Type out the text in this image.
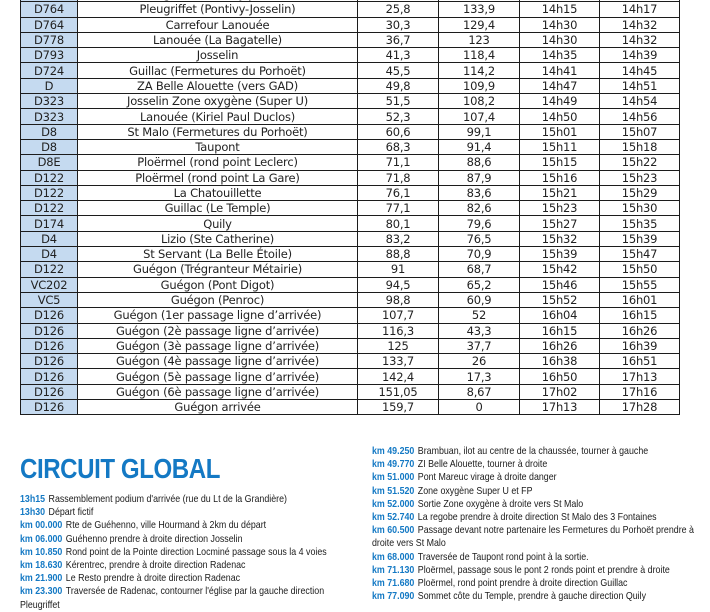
D764	Pleugriffet (Pontivy-Josselin)	25,8	133,9	14h15	14h17
D764	Carrefour Lanouée	30,3	129,4	14h30	14h32
D778	Lanouée (La Bagatelle)	36,7	123	14h30	14h32
D793	Josselin	41,3	118,4	14h35	14h39
D724	Guillac (Fermetures du Porhoët)	45,5	114,2	14h41	14h45
D	ZA Belle Alouette (vers GAD)	49,8	109,9	14h47	14h51
D323	Josselin Zone oxygène (Super U)	51,5	108,2	14h49	14h54
D323	Lanouée (Kiriel Paul Duclos)	52,3	107,4	14h50	14h56
D8	St Malo (Fermetures du Porhoët)	60,6	99,1	15h01	15h07
D8	Taupont	68,3	91,4	15h11	15h18
D8E	Ploërmel (rond point Leclerc)	71,1	88,6	15h15	15h22
D122	Ploërmel (rond point La Gare)	71,8	87,9	15h16	15h23
D122	La Chatouillette	76,1	83,6	15h21	15h29
D122	Guillac (Le Temple)	77,1	82,6	15h23	15h30
D174	Quily	80,1	79,6	15h27	15h35
D4	Lizio (Ste Catherine)	83,2	76,5	15h32	15h39
D4	St Servant (La Belle Étoile)	88,8	70,9	15h39	15h47
D122	Guégon (Trégranteur Métairie)	91	68,7	15h42	15h50
VC202	Guégon (Pont Digot)	94,5	65,2	15h46	15h55
VC5	Guégon (Penroc)	98,8	60,9	15h52	16h01
D126	Guégon (1er passage ligne d’arrivée)	107,7	52	16h04	16h15
D126	Guégon (2è passage ligne d’arrivée)	116,3	43,3	16h15	16h26
D126	Guégon (3è passage ligne d’arrivée)	125	37,7	16h26	16h39
D126	Guégon (4è passage ligne d’arrivée)	133,7	26	16h38	16h51
D126	Guégon (5è passage ligne d’arrivée)	142,4	17,3	16h50	17h13
D126	Guégon (6è passage ligne d’arrivée)	151,05	8,67	17h02	17h16
D126	Guégon arrivée	159,7	0	17h13	17h28
CIRCUIT GLOBAL
13h15 Rassemblement podium d'arrivée (rue du Lt de la Grandière)
13h30 Départ fictif
km 00.000 Rte de Guéhenno, ville Hourmand à 2km du départ
km 06.000 Guéhenno prendre à droite direction Josselin
km 10.850 Rond point de la Pointe direction Locminé passage sous la 4 voies
km 18.630 Kérentrec, prendre à droite direction Radenac
km 21.900 Le Resto prendre à droite direction Radenac
km 23.300 Traversée de Radenac, contourner l'église par la gauche direction Pleugriffet
km 49.250 Brambuan, ilot au centre de la chaussée, tourner à gauche
km 49.770 ZI Belle Alouette, tourner à droite
km 51.000 Pont Mareuc virage à droite danger
km 51.520 Zone oxygène Super U et FP
km 52.000 Sortie Zone oxygène à droite vers St Malo
km 52.740 La regobe prendre à droite direction St Malo des 3 Fontaines
km 60.500 Passage devant notre partenaire les Fermetures du Porhoët prendre à droite vers St Malo
km 68.000 Traversée de Taupont rond point à la sortie.
km 71.130 Ploërmel, passage sous le pont 2 ronds point et prendre à droite
km 71.680 Ploërmel, rond point prendre à droite direction Guillac
km 77.090 Sommet côte du Temple, prendre à gauche direction Quily
